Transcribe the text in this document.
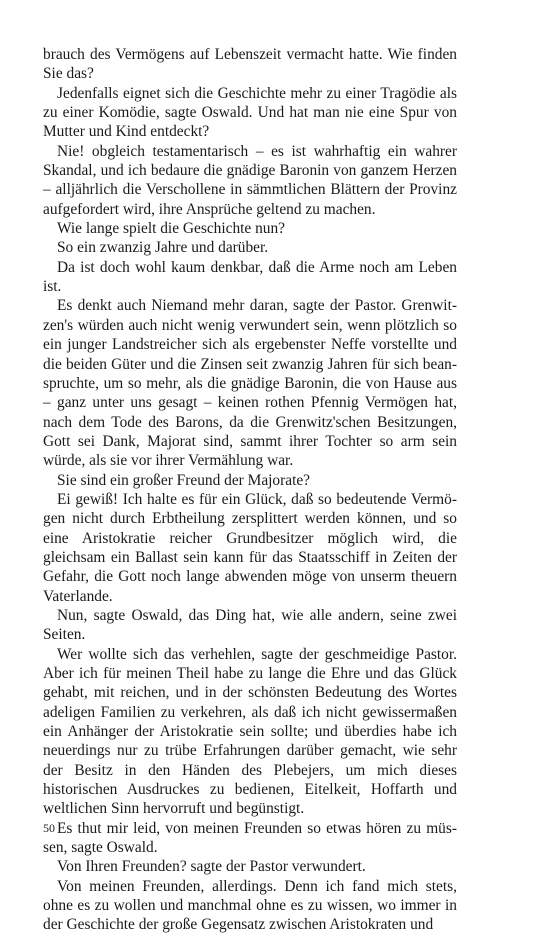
brauch des Vermögens auf Lebenszeit vermacht hatte. Wie finden Sie das?

Jedenfalls eignet sich die Geschichte mehr zu einer Tragödie als zu einer Komödie, sagte Oswald. Und hat man nie eine Spur von Mutter und Kind entdeckt?

Nie! obgleich testamentarisch – es ist wahrhaftig ein wahrer Skandal, und ich bedaure die gnädige Baronin von ganzem Herzen – alljährlich die Verschollene in sämmtlichen Blättern der Provinz aufgefordert wird, ihre Ansprüche geltend zu machen.

Wie lange spielt die Geschichte nun?

So ein zwanzig Jahre und darüber.

Da ist doch wohl kaum denkbar, daß die Arme noch am Leben ist.

Es denkt auch Niemand mehr daran, sagte der Pastor. Grenwitzen's würden auch nicht wenig verwundert sein, wenn plötzlich so ein junger Landstreicher sich als ergebenster Neffe vorstellte und die beiden Güter und die Zinsen seit zwanzig Jahren für sich beanspruchte, um so mehr, als die gnädige Baronin, die von Hause aus – ganz unter uns gesagt – keinen rothen Pfennig Vermögen hat, nach dem Tode des Barons, da die Grenwitz'schen Besitzungen, Gott sei Dank, Majorat sind, sammt ihrer Tochter so arm sein würde, als sie vor ihrer Vermählung war.

Sie sind ein großer Freund der Majorate?

Ei gewiß! Ich halte es für ein Glück, daß so bedeutende Vermögen nicht durch Erbtheilung zersplittert werden können, und so eine Aristokratie reicher Grundbesitzer möglich wird, die gleichsam ein Ballast sein kann für das Staatsschiff in Zeiten der Gefahr, die Gott noch lange abwenden möge von unserm theuern Vaterlande.

Nun, sagte Oswald, das Ding hat, wie alle andern, seine zwei Seiten.

Wer wollte sich das verhehlen, sagte der geschmeidige Pastor. Aber ich für meinen Theil habe zu lange die Ehre und das Glück gehabt, mit reichen, und in der schönsten Bedeutung des Wortes adeligen Familien zu verkehren, als daß ich nicht gewissermaßen ein Anhänger der Aristokratie sein sollte; und überdies habe ich neuerdings nur zu trübe Erfahrungen darüber gemacht, wie sehr der Besitz in den Händen des Plebejers, um mich dieses historischen Ausdruckes zu bedienen, Eitelkeit, Hoffarth und weltlichen Sinn hervorruft und begünstigt.

Es thut mir leid, von meinen Freunden so etwas hören zu müssen, sagte Oswald.

Von Ihren Freunden? sagte der Pastor verwundert.

Von meinen Freunden, allerdings. Denn ich fand mich stets, ohne es zu wollen und manchmal ohne es zu wissen, wo immer in der Geschichte der große Gegensatz zwischen Aristokraten und

50
